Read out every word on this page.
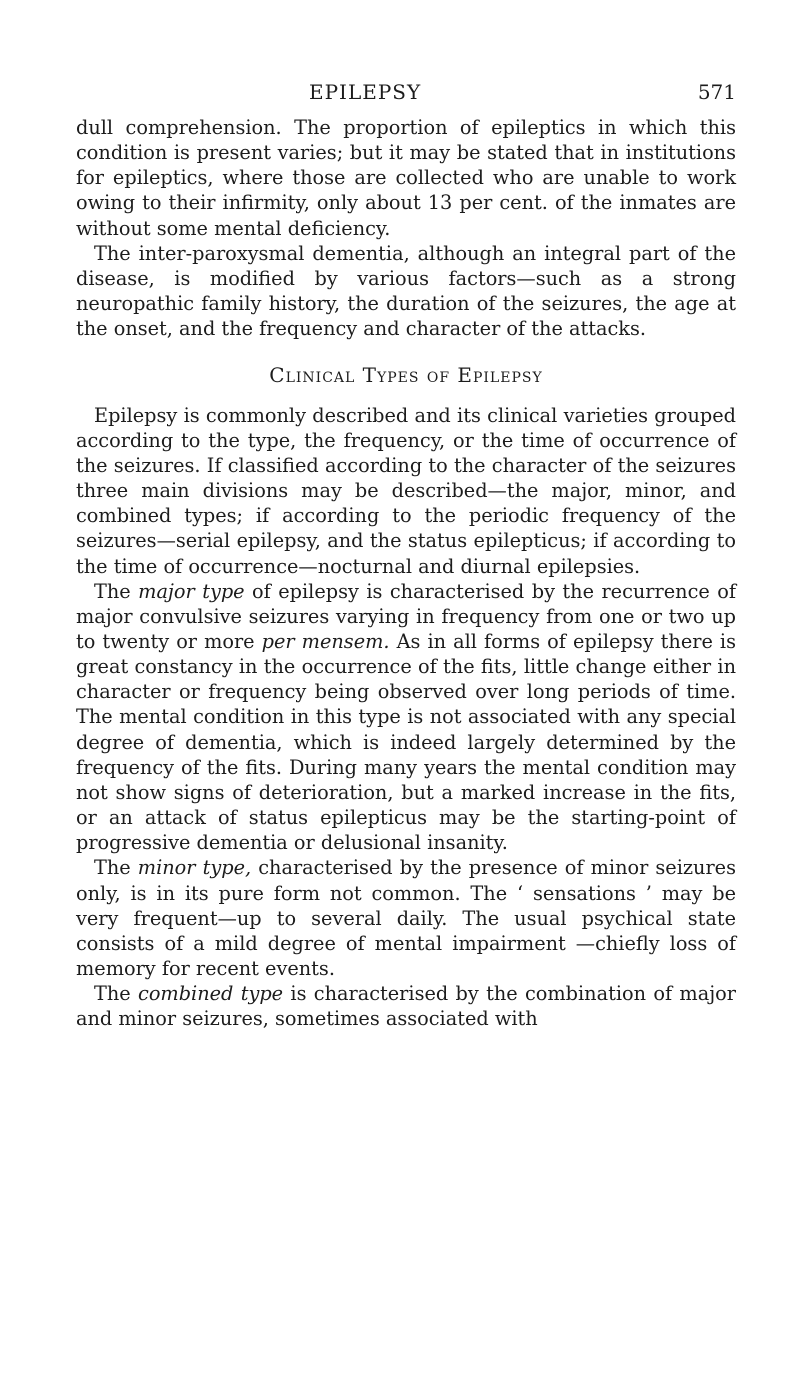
EPILEPSY	571

dull comprehension. The proportion of epileptics in which this condition is present varies; but it may be stated that in institutions for epileptics, where those are collected who are unable to work owing to their infirmity, only about 13 per cent. of the inmates are without some mental deficiency.

The inter-paroxysmal dementia, although an integral part of the disease, is modified by various factors—such as a strong neuropathic family history, the duration of the seizures, the age at the onset, and the frequency and character of the attacks.

Clinical Types of Epilepsy

Epilepsy is commonly described and its clinical varieties grouped according to the type, the frequency, or the time of occurrence of the seizures. If classified according to the character of the seizures three main divisions may be described—the major, minor, and combined types; if according to the periodic frequency of the seizures—serial epilepsy, and the status epilepticus; if according to the time of occurrence—nocturnal and diurnal epilepsies.

The major type of epilepsy is characterised by the recurrence of major convulsive seizures varying in frequency from one or two up to twenty or more per mensem. As in all forms of epilepsy there is great constancy in the occurrence of the fits, little change either in character or frequency being observed over long periods of time. The mental condition in this type is not associated with any special degree of dementia, which is indeed largely determined by the frequency of the fits. During many years the mental condition may not show signs of deterioration, but a marked increase in the fits, or an attack of status epilepticus may be the starting-point of progressive dementia or delusional insanity.

The minor type, characterised by the presence of minor seizures only, is in its pure form not common. The ‘ sensations ’ may be very frequent—up to several daily. The usual psychical state consists of a mild degree of mental impairment —chiefly loss of memory for recent events.

The combined type is characterised by the combination of major and minor seizures, sometimes associated with
